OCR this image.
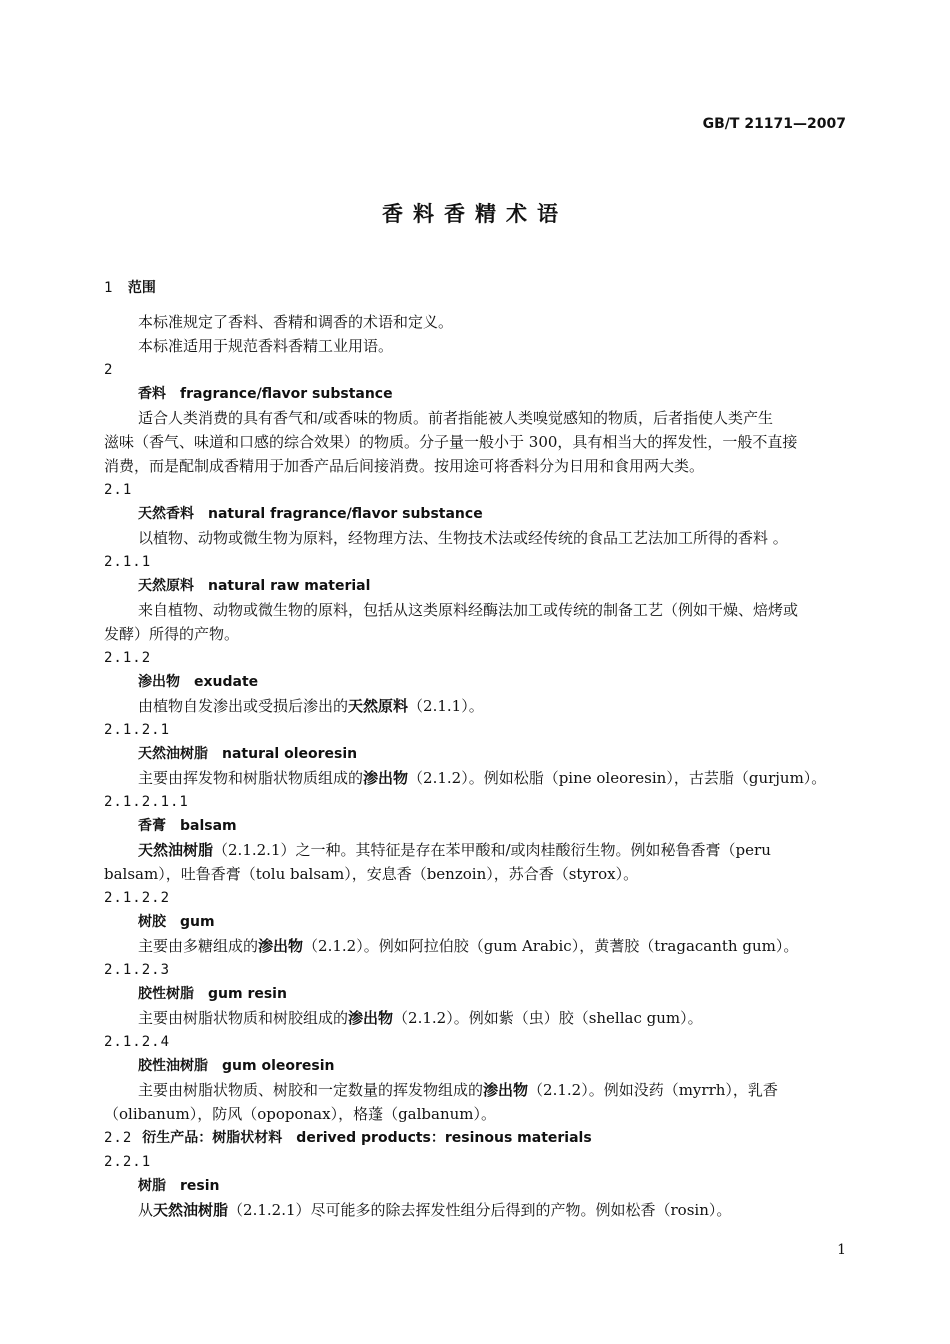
GB/T 21171—2007
香料香精术语
1 范围
本标准规定了香料、香精和调香的术语和定义。
本标准适用于规范香料香精工业用语。
2
香料 fragrance/flavor substance
适合人类消费的具有香气和/或香味的物质。前者指能被人类嗅觉感知的物质，后者指使人类产生
滋味（香气、味道和口感的综合效果）的物质。分子量一般小于 300，具有相当大的挥发性，一般不直接
消费，而是配制成香精用于加香产品后间接消费。按用途可将香料分为日用和食用两大类。
2.1
天然香料 natural fragrance/flavor substance
以植物、动物或微生物为原料，经物理方法、生物技术法或经传统的食品工艺法加工所得的香料 。
2.1.1
天然原料 natural raw material
来自植物、动物或微生物的原料，包括从这类原料经酶法加工或传统的制备工艺（例如干燥、焙烤或
发酵）所得的产物。
2.1.2
渗出物 exudate
由植物自发渗出或受损后渗出的天然原料（2.1.1）。
2.1.2.1
天然油树脂 natural oleoresin
主要由挥发物和树脂状物质组成的渗出物（2.1.2）。例如松脂（pine oleoresin），古芸脂（gurjum）。
2.1.2.1.1
香膏 balsam
天然油树脂（2.1.2.1）之一种。其特征是存在苯甲酸和/或肉桂酸衍生物。例如秘鲁香膏（peru
balsam），吐鲁香膏（tolu balsam），安息香（benzoin），苏合香（styrox）。
2.1.2.2
树胶 gum
主要由多糖组成的渗出物（2.1.2）。例如阿拉伯胶（gum Arabic），黄蓍胶（tragacanth gum）。
2.1.2.3
胶性树脂 gum resin
主要由树脂状物质和树胶组成的渗出物（2.1.2）。例如紫（虫）胶（shellac gum）。
2.1.2.4
胶性油树脂 gum oleoresin
主要由树脂状物质、树胶和一定数量的挥发物组成的渗出物（2.1.2）。例如没药（myrrh），乳香
（olibanum），防风（opoponax），格蓬（galbanum）。
2.2 衍生产品：树脂状材料 derived products：resinous materials
2.2.1
树脂 resin
从天然油树脂（2.1.2.1）尽可能多的除去挥发性组分后得到的产物。例如松香（rosin）。
1
